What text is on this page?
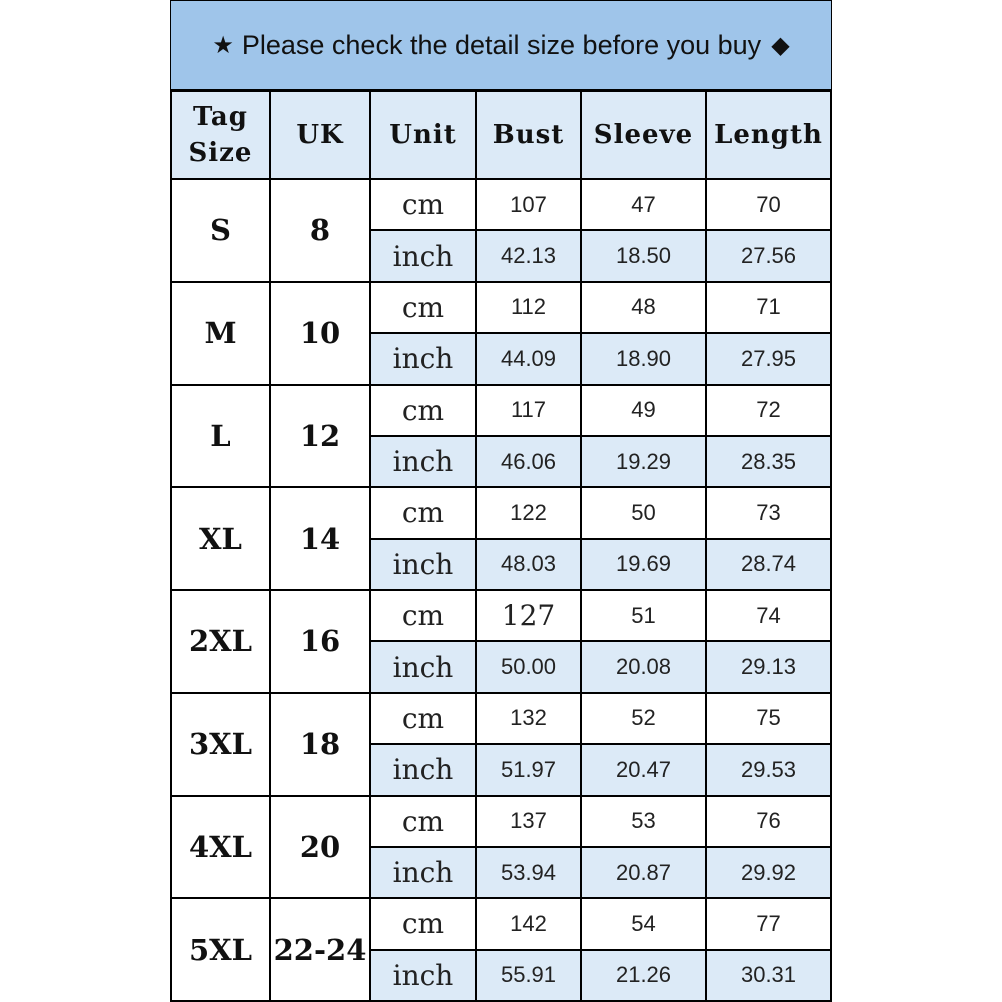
★ Please check the detail size before you buy ◆
Tag
Size	UK	Unit	Bust	Sleeve	Length
S	8	cm	107	47	70
		inch	42.13	18.50	27.56
M	10	cm	112	48	71
		inch	44.09	18.90	27.95
L	12	cm	117	49	72
		inch	46.06	19.29	28.35
XL	14	cm	122	50	73
		inch	48.03	19.69	28.74
2XL	16	cm	127	51	74
		inch	50.00	20.08	29.13
3XL	18	cm	132	52	75
		inch	51.97	20.47	29.53
4XL	20	cm	137	53	76
		inch	53.94	20.87	29.92
5XL	22-24	cm	142	54	77
		inch	55.91	21.26	30.31
